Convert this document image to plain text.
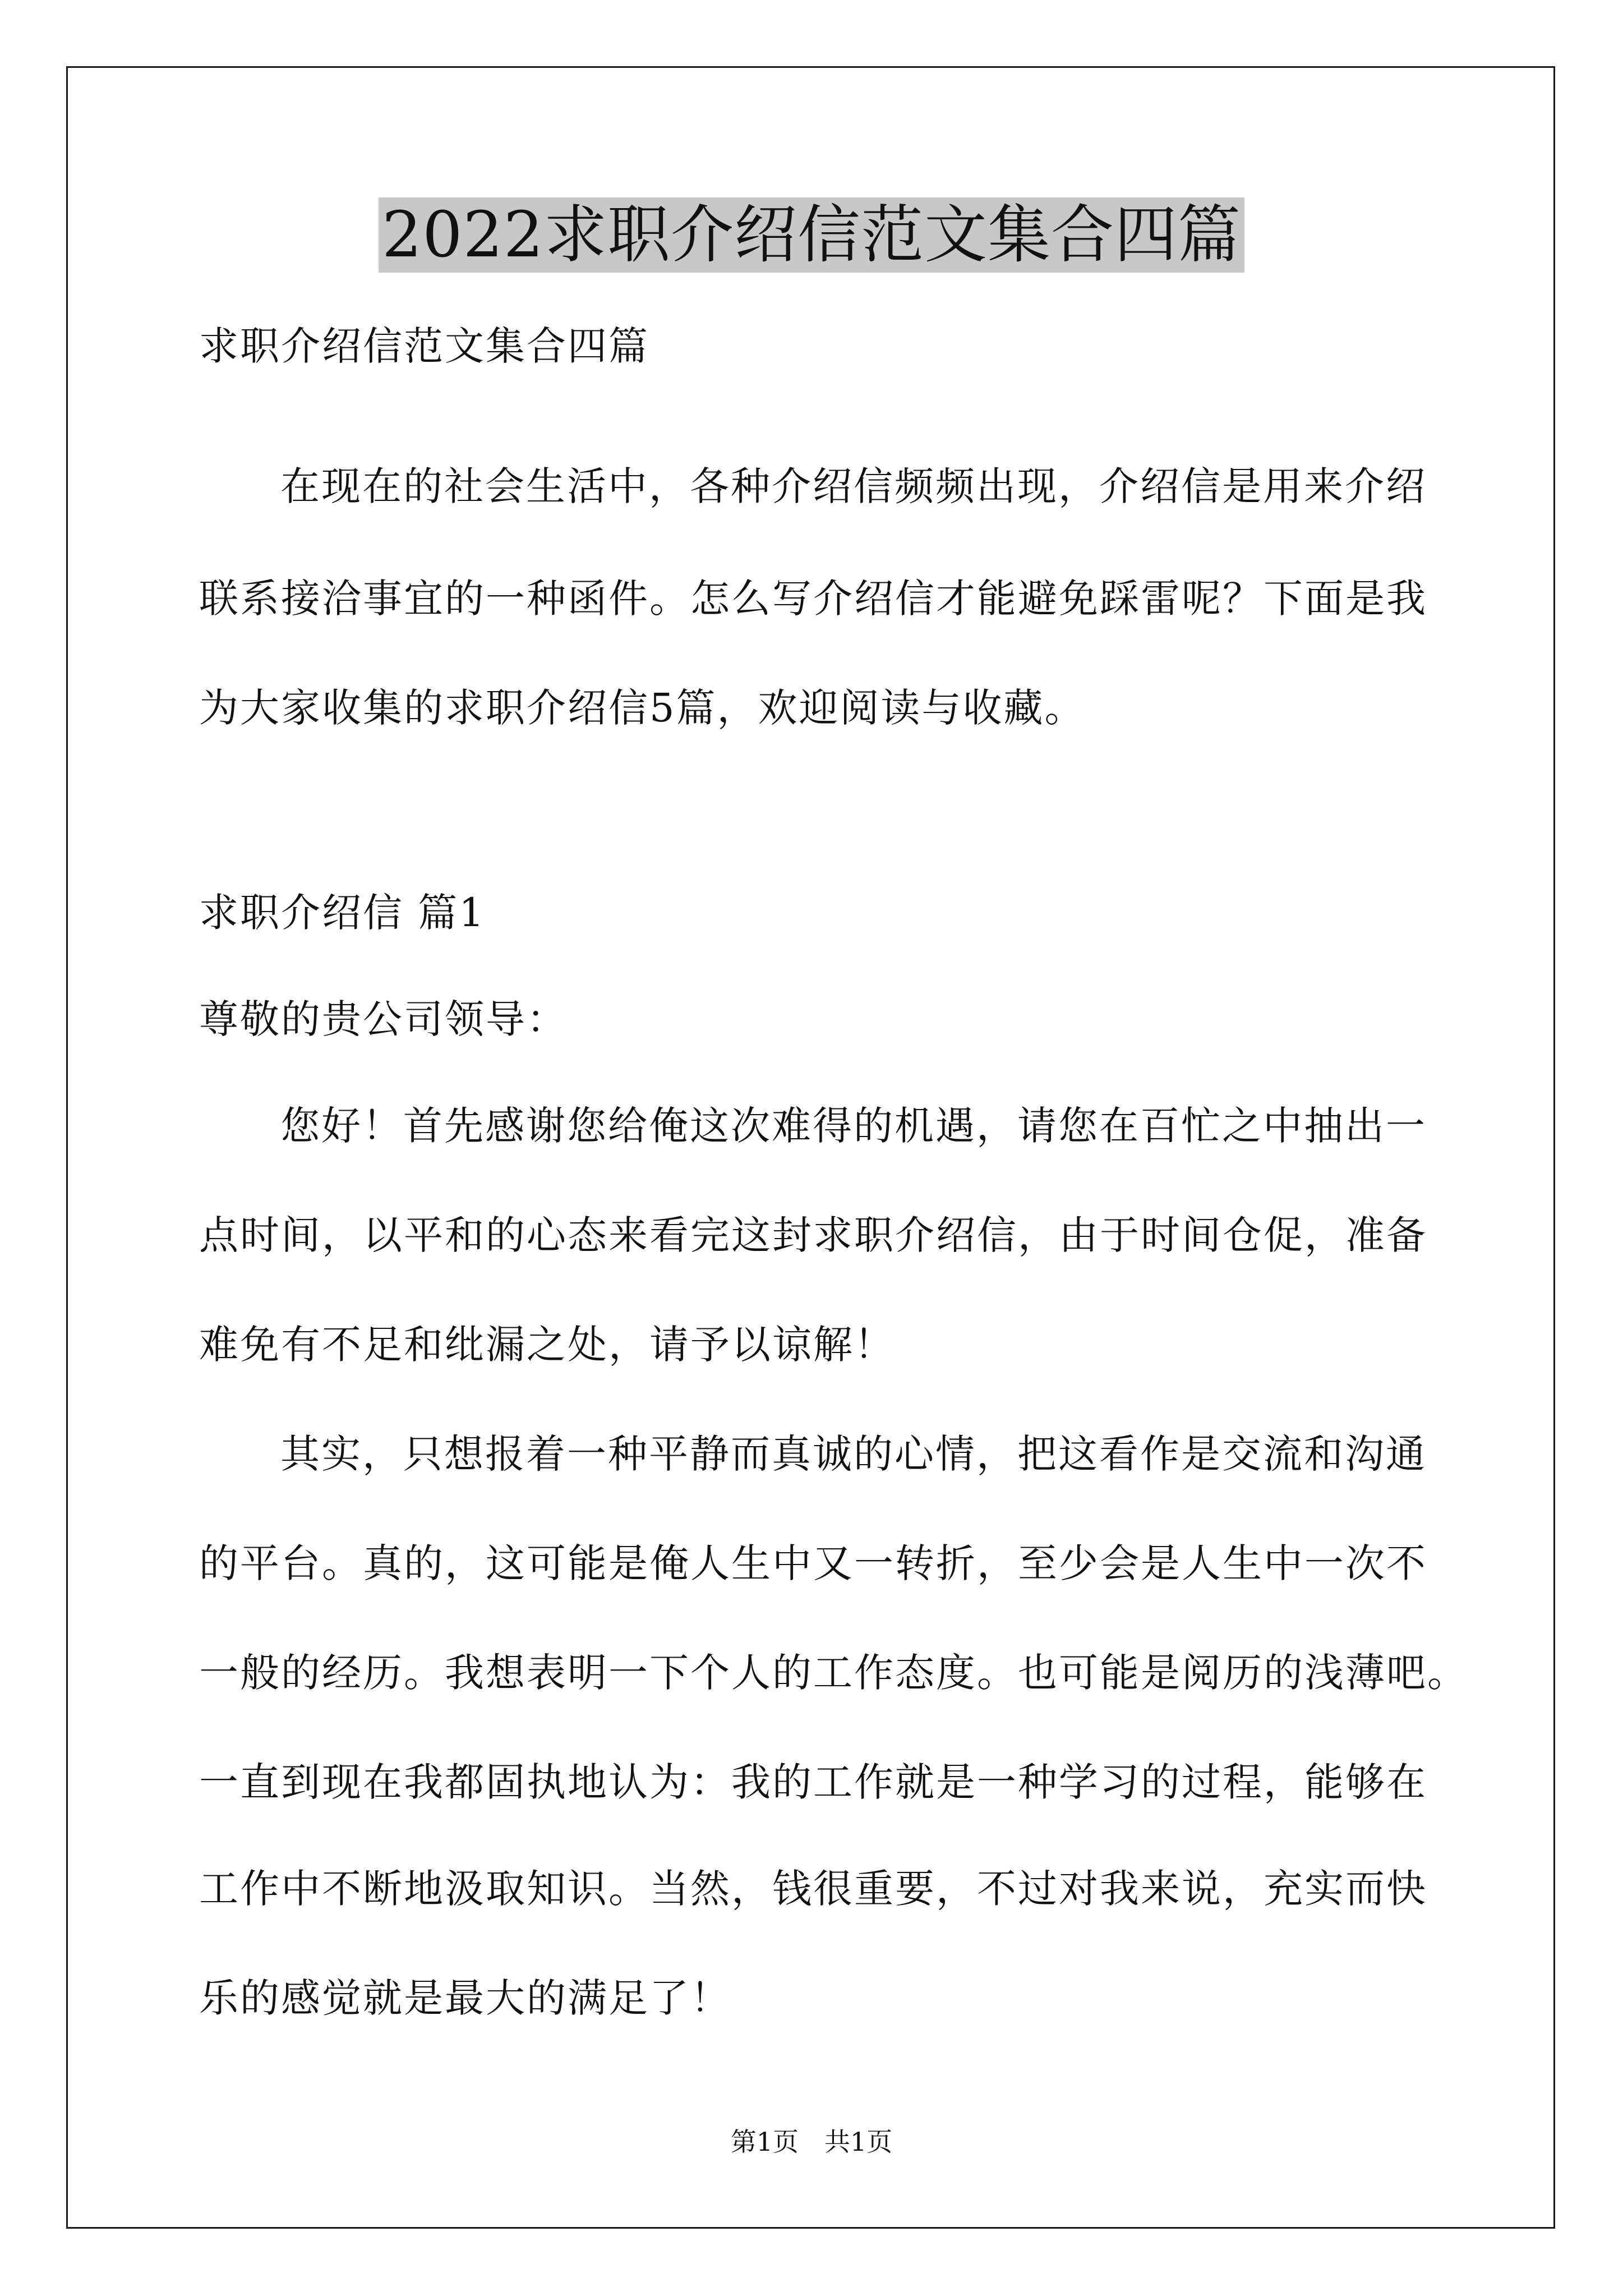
2022求职介绍信范文集合四篇
求职介绍信范文集合四篇
在现在的社会生活中，各种介绍信频频出现，介绍信是用来介绍
联系接洽事宜的一种函件。怎么写介绍信才能避免踩雷呢？下面是我
为大家收集的求职介绍信5篇，欢迎阅读与收藏。
求职介绍信 篇1
尊敬的贵公司领导：
您好！首先感谢您给俺这次难得的机遇，请您在百忙之中抽出一
点时间，以平和的心态来看完这封求职介绍信，由于时间仓促，准备
难免有不足和纰漏之处，请予以谅解！
其实，只想报着一种平静而真诚的心情，把这看作是交流和沟通
的平台。真的，这可能是俺人生中又一转折，至少会是人生中一次不
一般的经历。我想表明一下个人的工作态度。也可能是阅历的浅薄吧。
一直到现在我都固执地认为：我的工作就是一种学习的过程，能够在
工作中不断地汲取知识。当然，钱很重要，不过对我来说，充实而快
乐的感觉就是最大的满足了！
第1页　共1页
